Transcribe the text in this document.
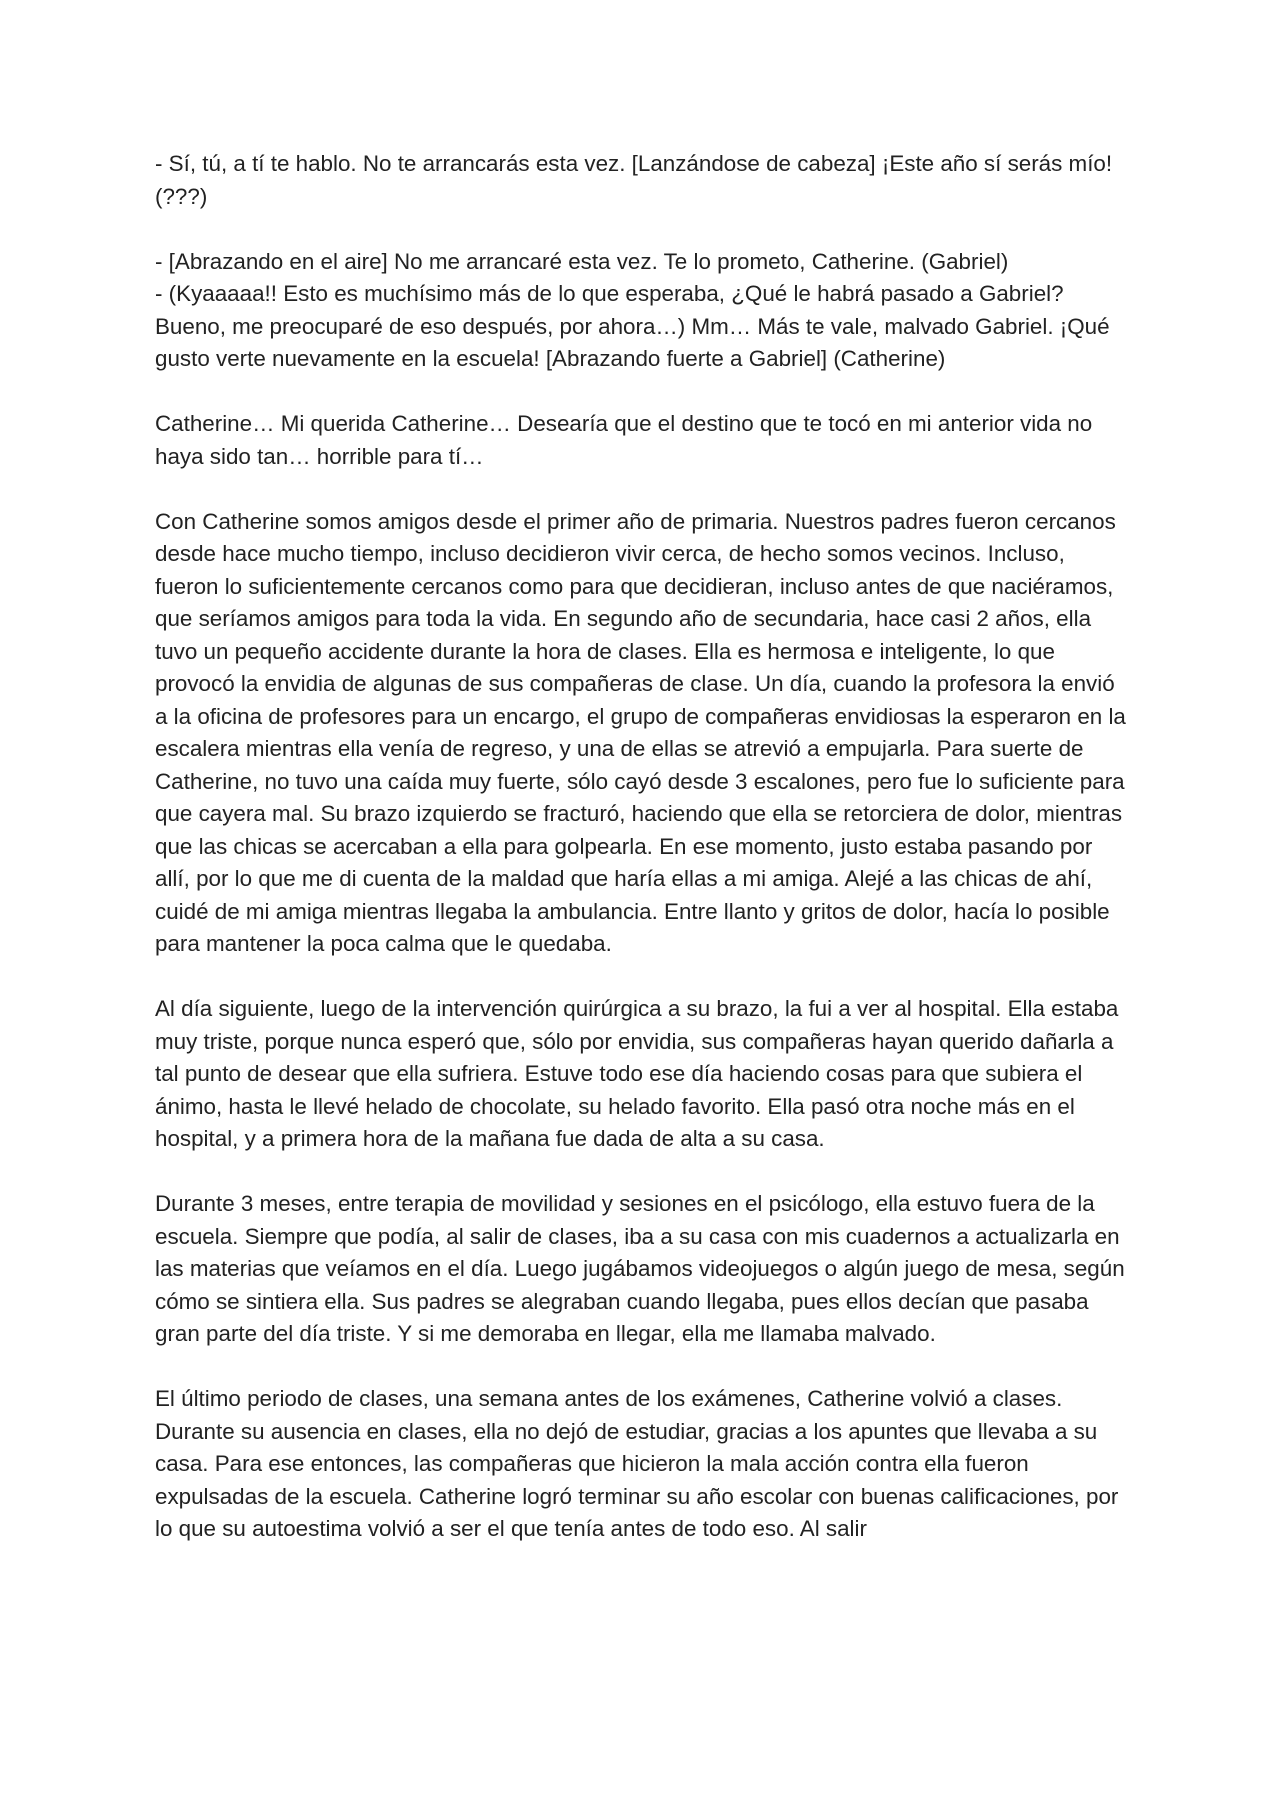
- Sí, tú, a tí te hablo. No te arrancarás esta vez. [Lanzándose de cabeza] ¡Este año sí serás mío! (???)

- [Abrazando en el aire] No me arrancaré esta vez. Te lo prometo, Catherine. (Gabriel)

- (Kyaaaaa!! Esto es muchísimo más de lo que esperaba, ¿Qué le habrá pasado a Gabriel? Bueno, me preocuparé de eso después, por ahora…) Mm… Más te vale, malvado Gabriel. ¡Qué gusto verte nuevamente en la escuela! [Abrazando fuerte a Gabriel] (Catherine)

Catherine… Mi querida Catherine… Desearía que el destino que te tocó en mi anterior vida no haya sido tan… horrible para tí…

Con Catherine somos amigos desde el primer año de primaria. Nuestros padres fueron cercanos desde hace mucho tiempo, incluso decidieron vivir cerca, de hecho somos vecinos. Incluso, fueron lo suficientemente cercanos como para que decidieran, incluso antes de que naciéramos, que seríamos amigos para toda la vida. En segundo año de secundaria, hace casi 2 años, ella tuvo un pequeño accidente durante la hora de clases. Ella es hermosa e inteligente, lo que provocó la envidia de algunas de sus compañeras de clase. Un día, cuando la profesora la envió a la oficina de profesores para un encargo, el grupo de compañeras envidiosas la esperaron en la escalera mientras ella venía de regreso, y una de ellas se atrevió a empujarla. Para suerte de Catherine, no tuvo una caída muy fuerte, sólo cayó desde 3 escalones, pero fue lo suficiente para que cayera mal. Su brazo izquierdo se fracturó, haciendo que ella se retorciera de dolor, mientras que las chicas se acercaban a ella para golpearla. En ese momento, justo estaba pasando por allí, por lo que me di cuenta de la maldad que haría ellas a mi amiga. Alejé a las chicas de ahí, cuidé de mi amiga mientras llegaba la ambulancia. Entre llanto y gritos de dolor, hacía lo posible para mantener la poca calma que le quedaba.

Al día siguiente, luego de la intervención quirúrgica a su brazo, la fui a ver al hospital. Ella estaba muy triste, porque nunca esperó que, sólo por envidia, sus compañeras hayan querido dañarla a tal punto de desear que ella sufriera. Estuve todo ese día haciendo cosas para que subiera el ánimo, hasta le llevé helado de chocolate, su helado favorito. Ella pasó otra noche más en el hospital, y a primera hora de la mañana fue dada de alta a su casa.

Durante 3 meses, entre terapia de movilidad y sesiones en el psicólogo, ella estuvo fuera de la escuela. Siempre que podía, al salir de clases, iba a su casa con mis cuadernos a actualizarla en las materias que veíamos en el día. Luego jugábamos videojuegos o algún juego de mesa, según cómo se sintiera ella. Sus padres se alegraban cuando llegaba, pues ellos decían que pasaba gran parte del día triste. Y si me demoraba en llegar, ella me llamaba malvado.

El último periodo de clases, una semana antes de los exámenes, Catherine volvió a clases. Durante su ausencia en clases, ella no dejó de estudiar, gracias a los apuntes que llevaba a su casa. Para ese entonces, las compañeras que hicieron la mala acción contra ella fueron expulsadas de la escuela. Catherine logró terminar su año escolar con buenas calificaciones, por lo que su autoestima volvió a ser el que tenía antes de todo eso. Al salir
